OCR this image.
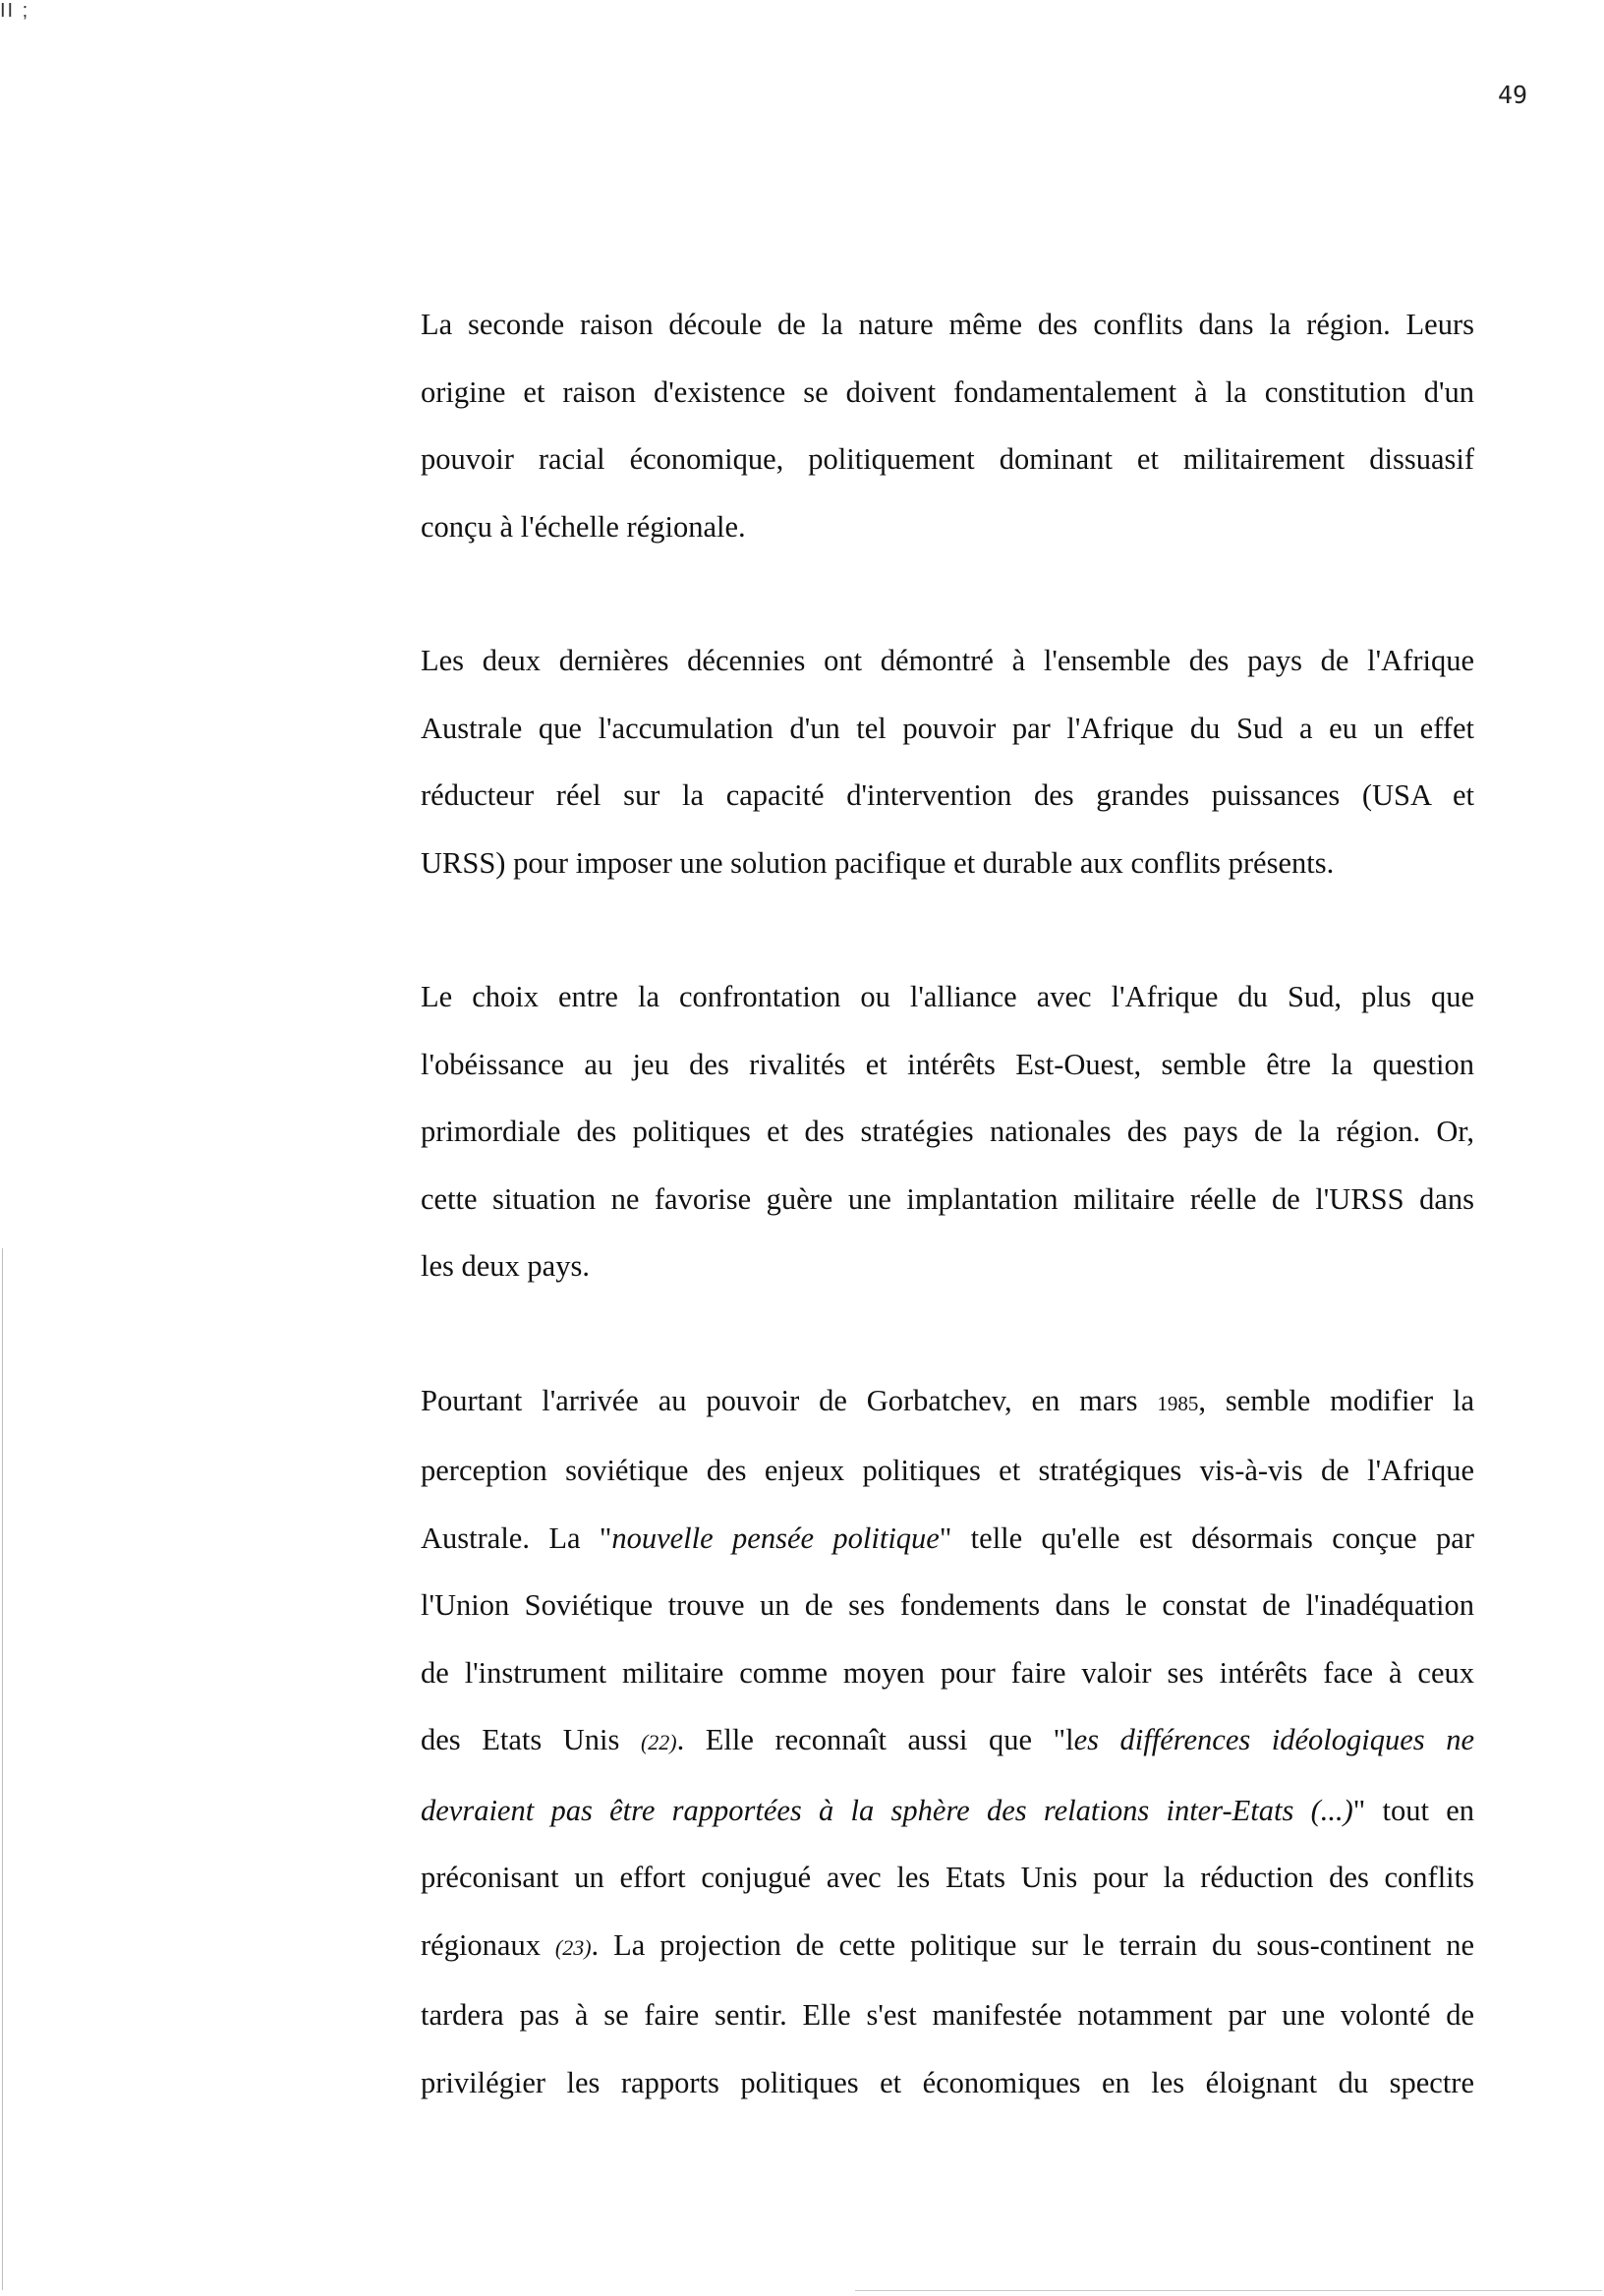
II ;
49

La seconde raison découle de la nature même des conflits dans la région. Leurs
origine et raison d'existence se doivent fondamentalement à la constitution d'un
pouvoir racial économique, politiquement dominant et militairement dissuasif
conçu à l'échelle régionale.

Les deux dernières décennies ont démontré à l'ensemble des pays de l'Afrique
Australe que l'accumulation d'un tel pouvoir par l'Afrique du Sud a eu un effet
réducteur réel sur la capacité d'intervention des grandes puissances (USA et
URSS) pour imposer une solution pacifique et durable aux conflits présents.

Le choix entre la confrontation ou l'alliance avec l'Afrique du Sud, plus que
l'obéissance au jeu des rivalités et intérêts Est-Ouest, semble être la question
primordiale des politiques et des stratégies nationales des pays de la région. Or,
cette situation ne favorise guère une implantation militaire réelle de l'URSS dans
les deux pays.

Pourtant l'arrivée au pouvoir de Gorbatchev, en mars 1985, semble modifier la
perception soviétique des enjeux politiques et stratégiques vis-à-vis de l'Afrique
Australe. La "nouvelle pensée politique" telle qu'elle est désormais conçue par
l'Union Soviétique trouve un de ses fondements dans le constat de l'inadéquation
de l'instrument militaire comme moyen pour faire valoir ses intérêts face à ceux
des Etats Unis (22). Elle reconnaît aussi que "les différences idéologiques ne
devraient pas être rapportées à la sphère des relations inter-Etats (...)" tout en
préconisant un effort conjugué avec les Etats Unis pour la réduction des conflits
régionaux (23). La projection de cette politique sur le terrain du sous-continent ne
tardera pas à se faire sentir. Elle s'est manifestée notamment par une volonté de
privilégier les rapports politiques et économiques en les éloignant du spectre
